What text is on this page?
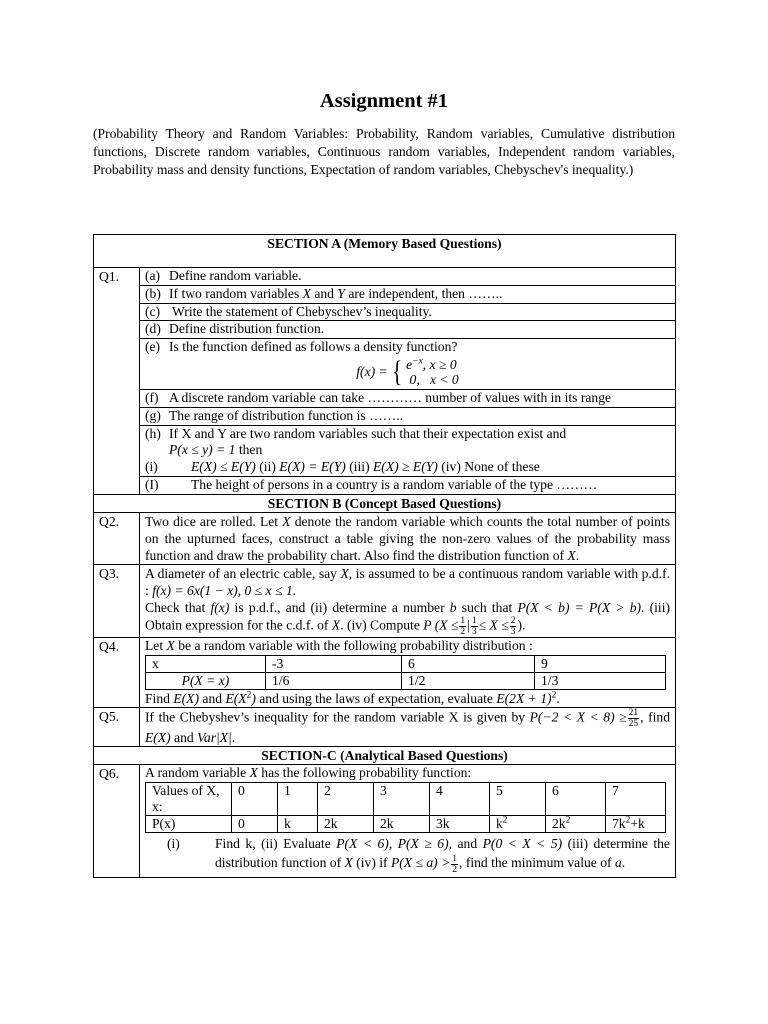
Assignment #1
(Probability Theory and Random Variables: Probability, Random variables, Cumulative distribution functions, Discrete random variables, Continuous random variables, Independent random variables, Probability mass and density functions, Expectation of random variables, Chebyschev's inequality.)
SECTION A (Memory Based Questions)
Q1.	(a) Define random variable.
(b) If two random variables X and Y are independent, then ……..
(c) Write the statement of Chebyschev’s inequality.
(d) Define distribution function.
(e) Is the function defined as follows a density function?
f(x) = { $e^{-x}$, x ≥ 0
0, x < 0
(f) A discrete random variable can take ………… number of values with in its range
(g) The range of distribution function is ……..
(h) If X and Y are two random variables such that their expectation exist and
P(x ≤ y) = 1 then
(i)	E(X) ≤ E(Y) (ii) E(X) = E(Y) (iii) E(X) ≥ E(Y) (iv) None of these
(I)	The height of persons in a country is a random variable of the type ………

SECTION B (Concept Based Questions)
Q2.	Two dice are rolled. Let X denote the random variable which counts the total number of points on the upturned faces, construct a table giving the non-zero values of the probability mass function and draw the probability chart. Also find the distribution function of X.
Q3.	A diameter of an electric cable, say X, is assumed to be a continuous random variable with p.d.f. : f(x) = 6x(1 − x), 0 ≤ x ≤ 1.
Check that f(x) is p.d.f., and (ii) determine a number b such that P(X < b) = P(X > b). (iii) Obtain expression for the c.d.f. of X. (iv) Compute P ($X \le \frac{1}{2}$ | $\frac{1}{3} \le X \le \frac{2}{3}$ ).
Q4.	Let X be a random variable with the following probability distribution :
x	-3	6	9
P(X = x)	1/6	1/2	1/3
Find E(X) and $E(X^2)$ and using the laws of expectation, evaluate $E(2X + 1)^2$.

Q5.	If the Chebyshev’s inequality for the random variable X is given by $P(-2 < X < 8) \ge \frac{21}{25}$ , find E(X) and Var|X|.
SECTION-C (Analytical Based Questions)
Q6.	A random variable X has the following probability function:
Values of X, x:	0	1	2	3	4	5	6	7
P(x)	0	k	2k	2k	3k	$k^2$	$2k^2$	$7k^2+k$
(i)	Find k, (ii) Evaluate P(X < 6), P(X ≥ 6), and P(0 < X < 5) (iii) determine the distribution function of X (iv) if $P(X \le a) > \frac{1}{2}$ , find the minimum value of a.
